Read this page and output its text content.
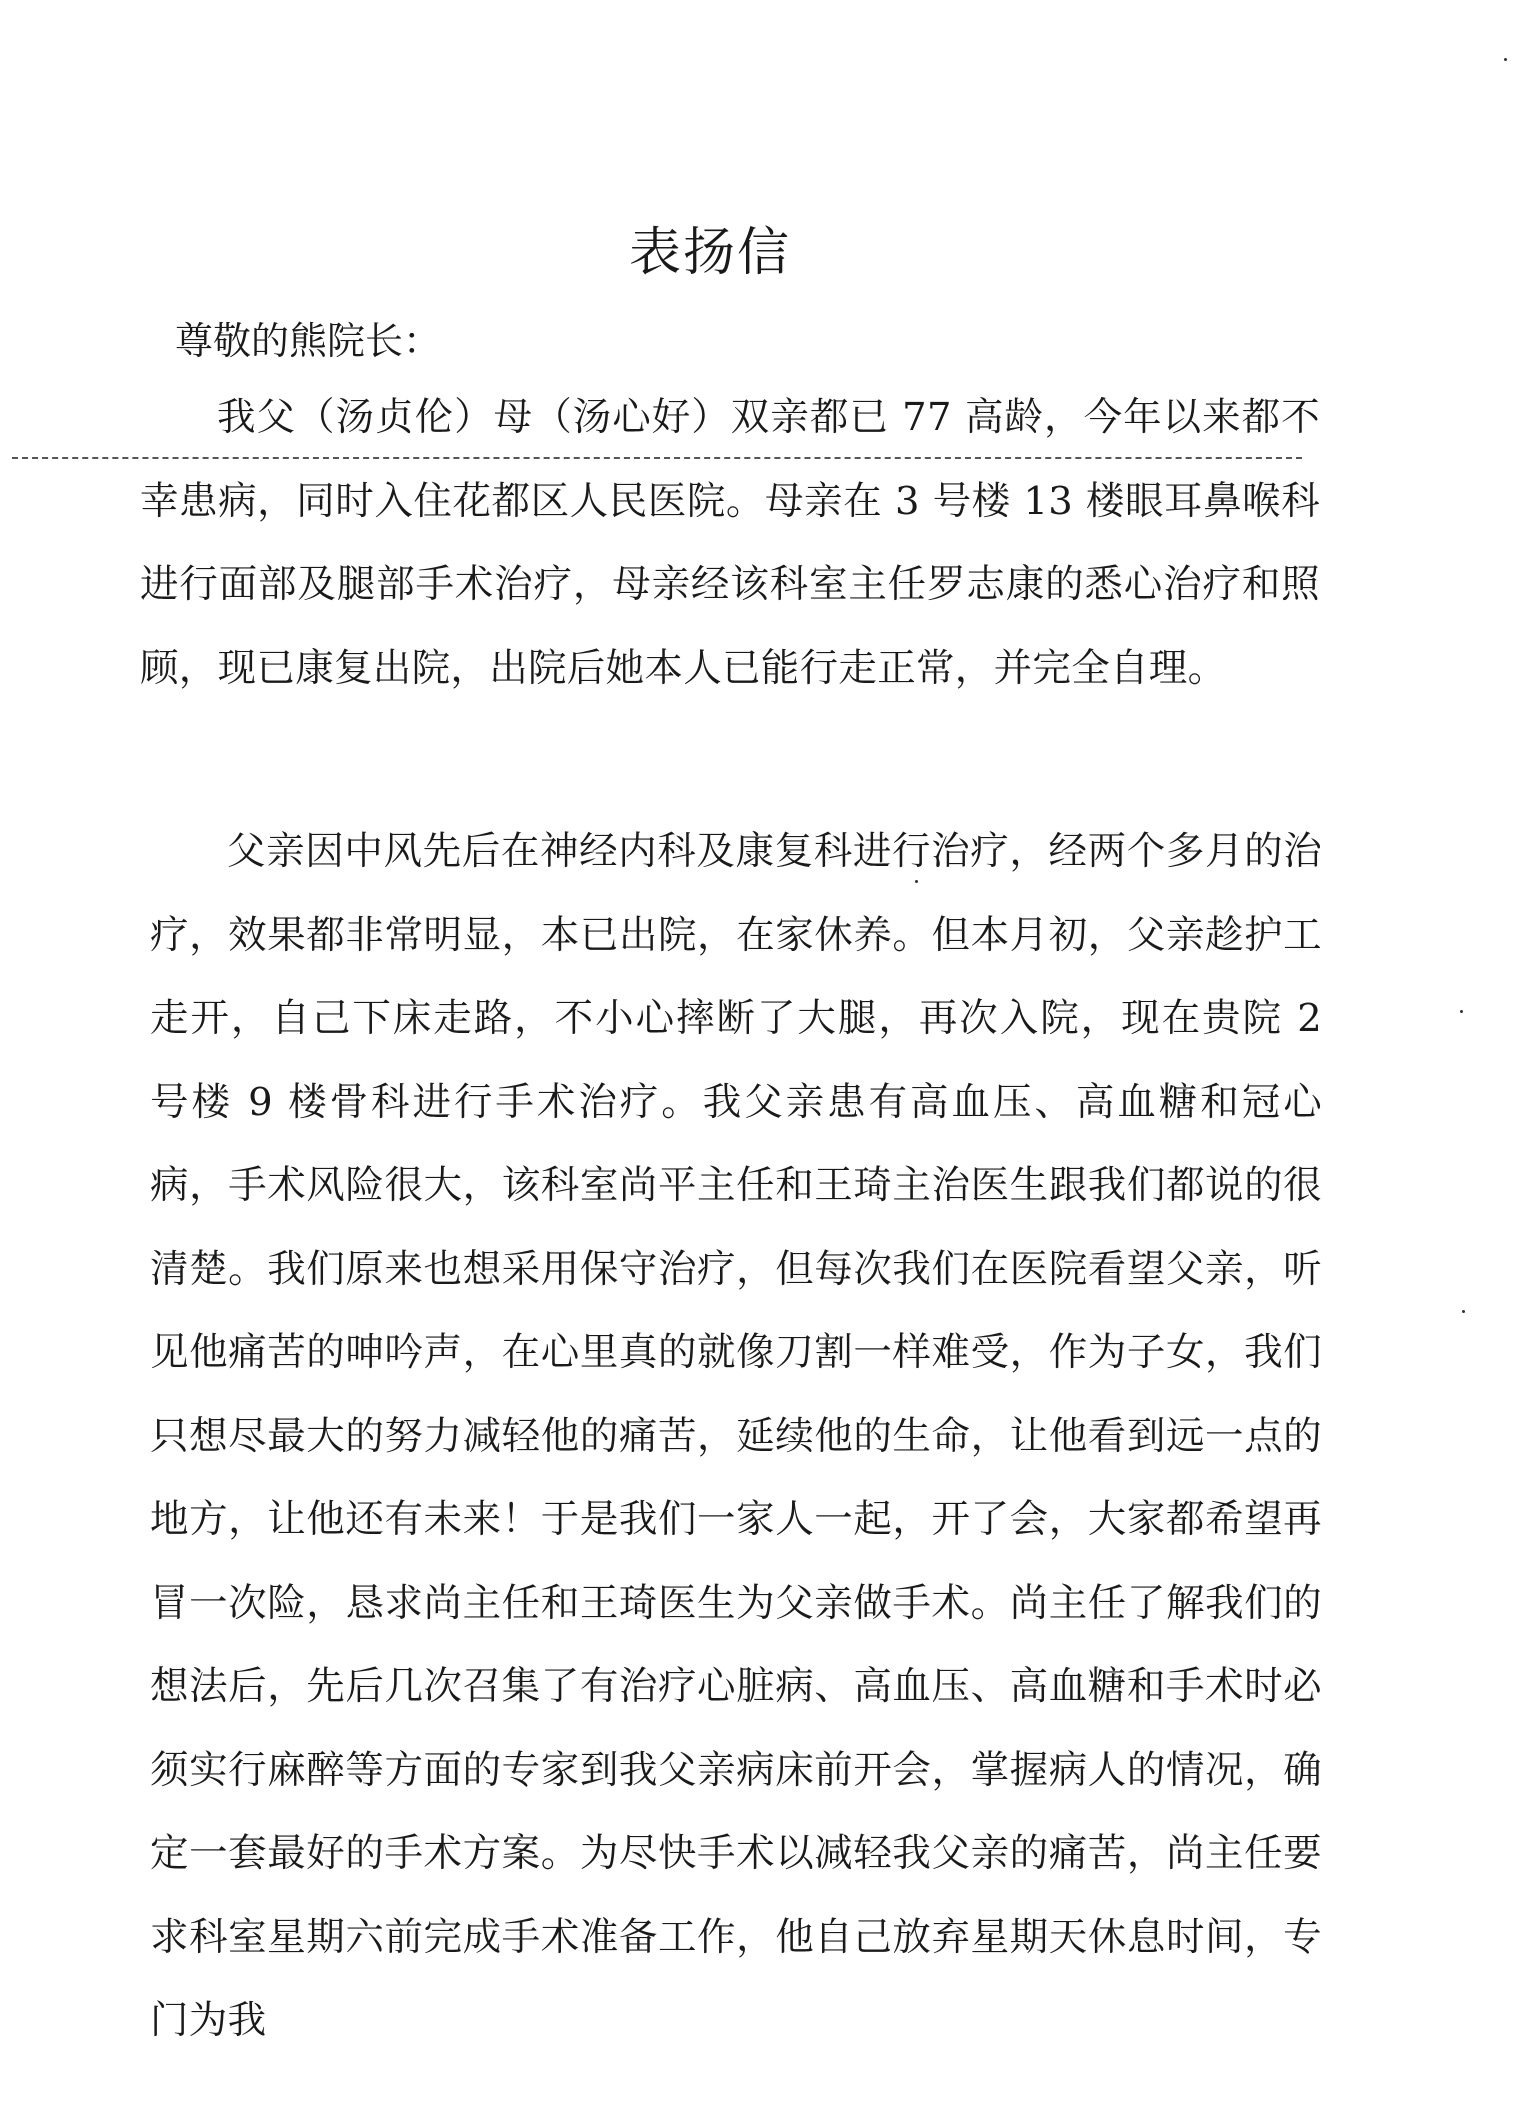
表扬信

尊敬的熊院长：

我父（汤贞伦）母（汤心好）双亲都已 77 高龄，今年以来都不幸患病，同时入住花都区人民医院。母亲在 3 号楼 13 楼眼耳鼻喉科进行面部及腿部手术治疗，母亲经该科室主任罗志康的悉心治疗和照顾，现已康复出院，出院后她本人已能行走正常，并完全自理。

父亲因中风先后在神经内科及康复科进行治疗，经两个多月的治疗，效果都非常明显，本已出院，在家休养。但本月初，父亲趁护工走开，自己下床走路，不小心摔断了大腿，再次入院，现在贵院 2 号楼 9 楼骨科进行手术治疗。我父亲患有高血压、高血糖和冠心病，手术风险很大，该科室尚平主任和王琦主治医生跟我们都说的很清楚。我们原来也想采用保守治疗，但每次我们在医院看望父亲，听见他痛苦的呻吟声，在心里真的就像刀割一样难受，作为子女，我们只想尽最大的努力减轻他的痛苦，延续他的生命，让他看到远一点的地方，让他还有未来！于是我们一家人一起，开了会，大家都希望再冒一次险，恳求尚主任和王琦医生为父亲做手术。尚主任了解我们的想法后，先后几次召集了有治疗心脏病、高血压、高血糖和手术时必须实行麻醉等方面的专家到我父亲病床前开会，掌握病人的情况，确定一套最好的手术方案。为尽快手术以减轻我父亲的痛苦，尚主任要求科室星期六前完成手术准备工作，他自己放弃星期天休息时间，专门为我
